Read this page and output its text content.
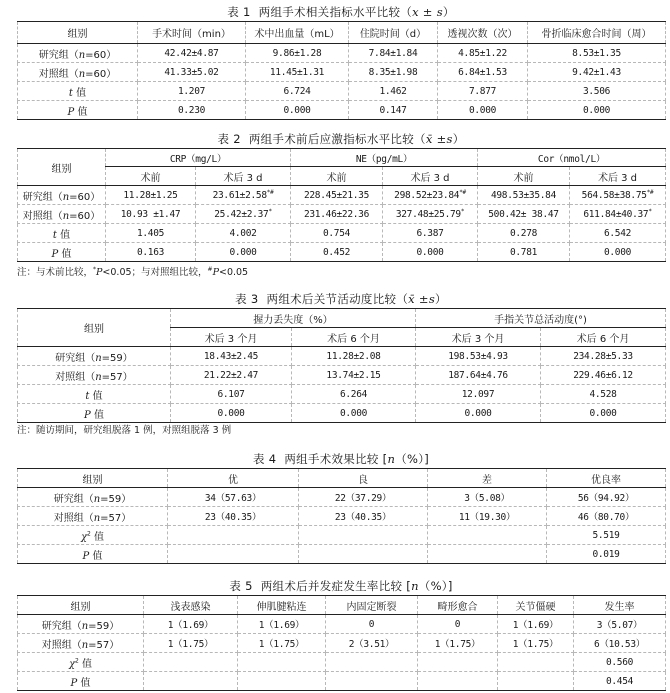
表 1 两组手术相关指标水平比较（x ± s）
组别	手术时间（min）	术中出血量（mL）	住院时间（d）	透视次数（次）	骨折临床愈合时间（周）
研究组（n=60）	42.42±4.87	9.86±1.28	7.84±1.84	4.85±1.22	8.53±1.35
对照组（n=60）	41.33±5.02	11.45±1.31	8.35±1.98	6.84±1.53	9.42±1.43
t 值	1.207	6.724	1.462	7.877	3.506
P 值	0.230	0.000	0.147	0.000	0.000
表 2 两组手术前后应激指标水平比较（x̄ ±s）
组别	CRP（mg/L）		NE（pg/mL）		Cor（nmol/L）	
	术前	术后 3 d	术前	术后 3 d	术前	术后 3 d
研究组（n=60）	11.28±1.25	23.61±2.58*#	228.45±21.35	298.52±23.84*#	498.53±35.84	564.58±38.75*#
对照组（n=60）	10.93 ±1.47	25.42±2.37*	231.46±22.36	327.48±25.79*	500.42± 38.47	611.84±40.37*
t 值	1.405	4.002	0.754	6.387	0.278	6.542
P 值	0.163	0.000	0.452	0.000	0.781	0.000
注：与术前比较，*P<0.05；与对照组比较，#P<0.05
表 3 两组术后关节活动度比较（x̄ ±s）
组别	握力丢失度（%）		手指关节总活动度(°)	
	术后 3 个月	术后 6 个月	术后 3 个月	术后 6 个月
研究组（n=59）	18.43±2.45	11.28±2.08	198.53±4.93	234.28±5.33
对照组（n=57）	21.22±2.47	13.74±2.15	187.64±4.76	229.46±6.12
t 值	6.107	6.264	12.097	4.528
P 值	0.000	0.000	0.000	0.000
注：随访期间，研究组脱落 1 例，对照组脱落 3 例
表 4 两组手术效果比较 [n（%）]
组别	优	良	差	优良率
研究组（n=59）	34（57.63）	22（37.29）	3（5.08）	56（94.92）
对照组（n=57）	23（40.35）	23（40.35）	11（19.30）	46（80.70）
$\chi^2$ 值				5.519
P 值				0.019
表 5 两组术后并发症发生率比较 [n（%）]
组别	浅表感染	伸肌腱粘连	内固定断裂	畸形愈合	关节僵硬	发生率
研究组（n=59）	1（1.69）	1（1.69）	0	0	1（1.69）	3（5.07）
对照组（n=57）	1（1.75）	1（1.75）	2（3.51）	1（1.75）	1（1.75）	6（10.53）
$\chi^2$ 值						0.560
P 值						0.454
